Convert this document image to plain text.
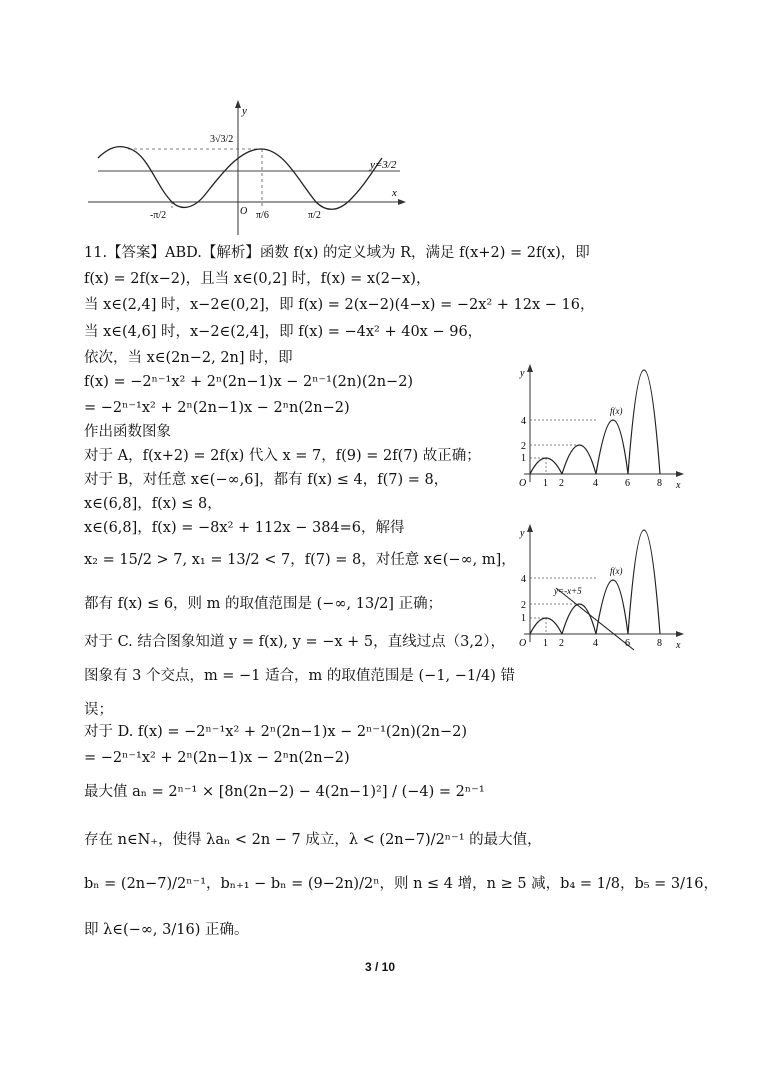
y
x
3√3/2
y=3/2
O
-π/2	π/6	π/2
11.【答案】ABD.【解析】函数 f(x) 的定义域为 R，满足 f(x+2) = 2f(x)，即
f(x) = 2f(x−2)，且当 x∈(0,2] 时，f(x) = x(2−x)，
当 x∈(2,4] 时，x−2∈(0,2]，即 f(x) = 2(x−2)(4−x) = −2x² + 12x − 16，
当 x∈(4,6] 时，x−2∈(2,4]，即 f(x) = −4x² + 40x − 96，
依次，当 x∈(2n−2, 2n] 时，即
f(x) = −2ⁿ⁻¹x² + 2ⁿ(2n−1)x − 2ⁿ⁻¹(2n)(2n−2)
= −2ⁿ⁻¹x² + 2ⁿ(2n−1)x − 2ⁿn(2n−2)
作出函数图象
对于 A，f(x+2) = 2f(x) 代入 x = 7，f(9) = 2f(7) 故正确；
对于 B，对任意 x∈(−∞,6]，都有 f(x) ≤ 4，f(7) = 8，
x∈(6,8]，f(x) ≤ 8，
x∈(6,8]，f(x) = −8x² + 112x − 384=6，解得
x₂ = 15/2 > 7, x₁ = 13/2 < 7，f(7) = 8，对任意 x∈(−∞, m]，
都有 f(x) ≤ 6，则 m 的取值范围是 (−∞, 13/2] 正确；
对于 C. 结合图象知道 y = f(x), y = −x + 5，直线过点（3,2），
图象有 3 个交点，m = −1 适合，m 的取值范围是 (−1, −1/4) 错
误；
对于 D. f(x) = −2ⁿ⁻¹x² + 2ⁿ(2n−1)x − 2ⁿ⁻¹(2n)(2n−2)
= −2ⁿ⁻¹x² + 2ⁿ(2n−1)x − 2ⁿn(2n−2)
最大值 aₙ = 2ⁿ⁻¹ × [8n(2n−2) − 4(2n−1)²] / (−4) = 2ⁿ⁻¹
存在 n∈N₊，使得 λaₙ < 2n − 7 成立，λ < (2n−7)/2ⁿ⁻¹ 的最大值，
bₙ = (2n−7)/2ⁿ⁻¹，bₙ₊₁ − bₙ = (9−2n)/2ⁿ，则 n ≤ 4 增，n ≥ 5 减，b₄ = 1/8，b₅ = 3/16，
即 λ∈(−∞, 3/16) 正确。
y
x
O
4
2
1
1 2	4	6	8
f(x)
y
x
O
4
2
1
1 2	4	6	8
f(x)
y=-x+5
3 / 10
